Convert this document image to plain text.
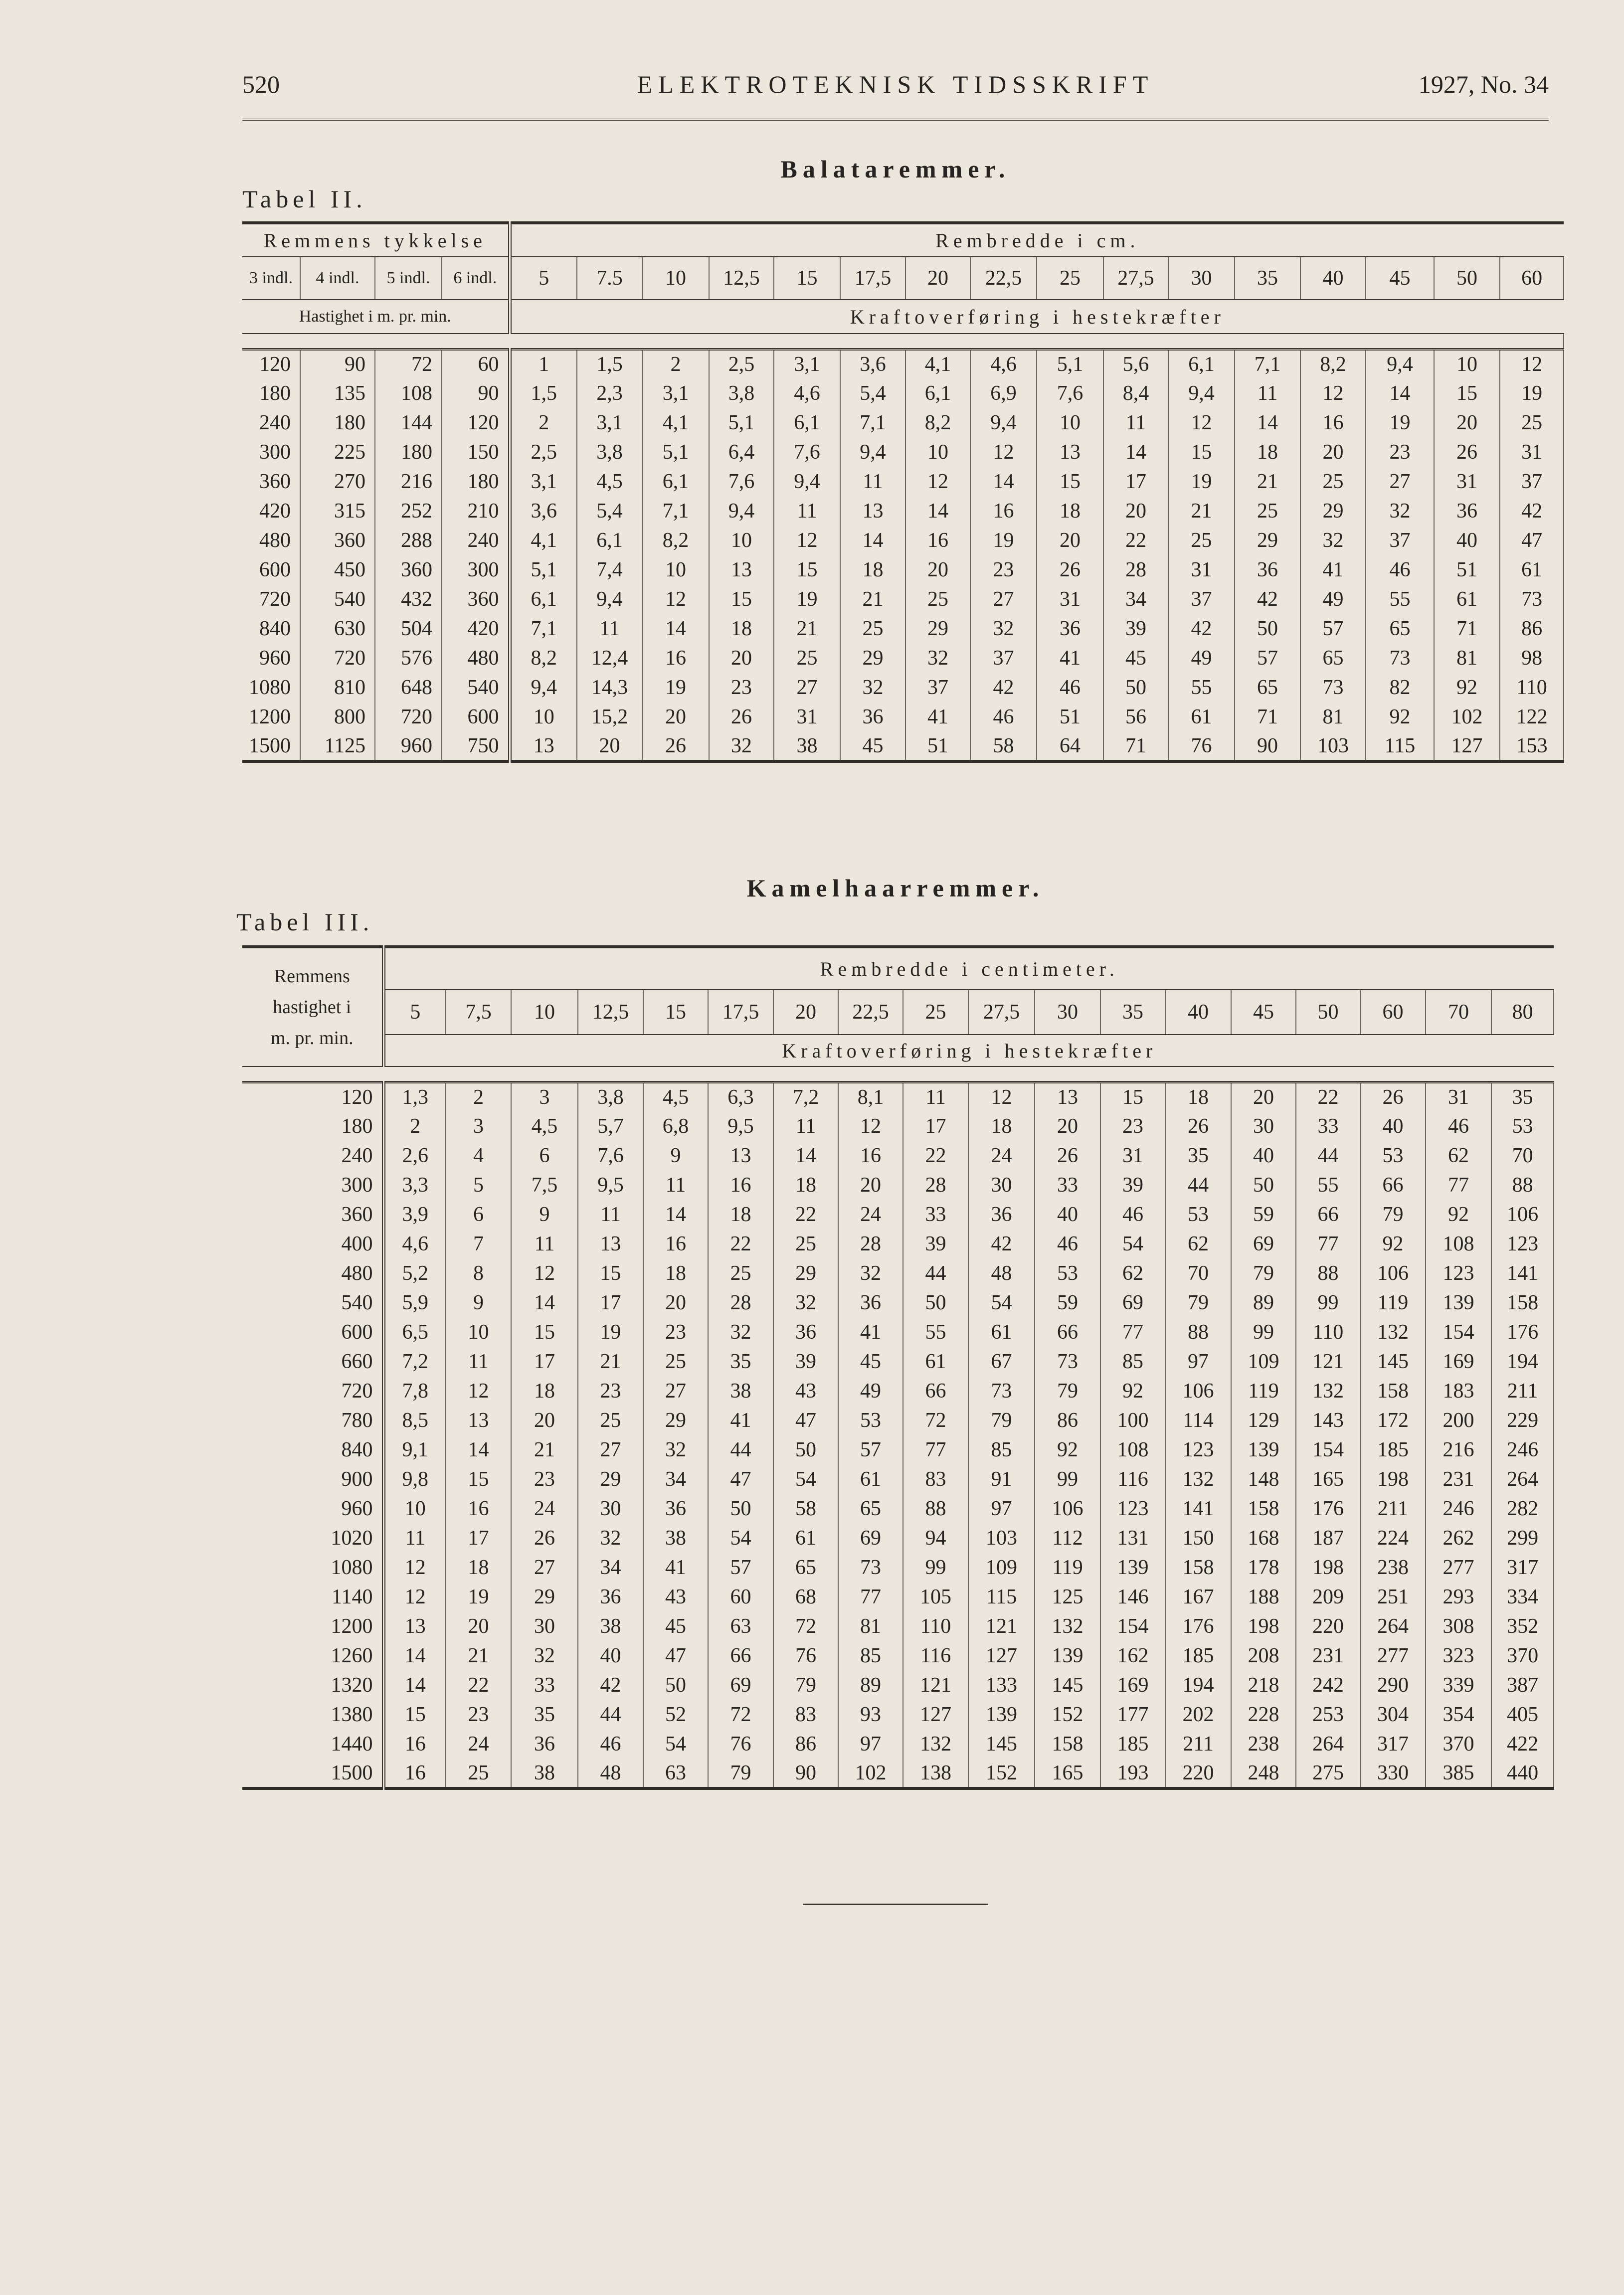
520	ELEKTROTEKNISK TIDSSKRIFT	1927, No. 34
Balataremmer.
Tabel II.
Remmens tykkelse				Rembredde i cm.															
3 indl.	4 indl.	5 indl.	6 indl.	5	7.5	10	12,5	15	17,5	20	22,5	25	27,5	30	35	40	45	50	60
Hastighet i m. pr. min.				Kraftoverføring i hestekræfter															

120	90	72	60	1	1,5	2	2,5	3,1	3,6	4,1	4,6	5,1	5,6	6,1	7,1	8,2	9,4	10	12
180	135	108	90	1,5	2,3	3,1	3,8	4,6	5,4	6,1	6,9	7,6	8,4	9,4	11	12	14	15	19
240	180	144	120	2	3,1	4,1	5,1	6,1	7,1	8,2	9,4	10	11	12	14	16	19	20	25
300	225	180	150	2,5	3,8	5,1	6,4	7,6	9,4	10	12	13	14	15	18	20	23	26	31
360	270	216	180	3,1	4,5	6,1	7,6	9,4	11	12	14	15	17	19	21	25	27	31	37
420	315	252	210	3,6	5,4	7,1	9,4	11	13	14	16	18	20	21	25	29	32	36	42
480	360	288	240	4,1	6,1	8,2	10	12	14	16	19	20	22	25	29	32	37	40	47
600	450	360	300	5,1	7,4	10	13	15	18	20	23	26	28	31	36	41	46	51	61
720	540	432	360	6,1	9,4	12	15	19	21	25	27	31	34	37	42	49	55	61	73
840	630	504	420	7,1	11	14	18	21	25	29	32	36	39	42	50	57	65	71	86
960	720	576	480	8,2	12,4	16	20	25	29	32	37	41	45	49	57	65	73	81	98
1080	810	648	540	9,4	14,3	19	23	27	32	37	42	46	50	55	65	73	82	92	110
1200	800	720	600	10	15,2	20	26	31	36	41	46	51	56	61	71	81	92	102	122
1500	1125	960	750	13	20	26	32	38	45	51	58	64	71	76	90	103	115	127	153
Kamelhaarremmer.
Tabel III.
Remmens
hastighet i
m. pr. min.	Rembredde i centimeter.																	
	5	7,5	10	12,5	15	17,5	20	22,5	25	27,5	30	35	40	45	50	60	70	80
	Kraftoverføring i hestekræfter																	

120	1,3	2	3	3,8	4,5	6,3	7,2	8,1	11	12	13	15	18	20	22	26	31	35
180	2	3	4,5	5,7	6,8	9,5	11	12	17	18	20	23	26	30	33	40	46	53
240	2,6	4	6	7,6	9	13	14	16	22	24	26	31	35	40	44	53	62	70
300	3,3	5	7,5	9,5	11	16	18	20	28	30	33	39	44	50	55	66	77	88
360	3,9	6	9	11	14	18	22	24	33	36	40	46	53	59	66	79	92	106
400	4,6	7	11	13	16	22	25	28	39	42	46	54	62	69	77	92	108	123
480	5,2	8	12	15	18	25	29	32	44	48	53	62	70	79	88	106	123	141
540	5,9	9	14	17	20	28	32	36	50	54	59	69	79	89	99	119	139	158
600	6,5	10	15	19	23	32	36	41	55	61	66	77	88	99	110	132	154	176
660	7,2	11	17	21	25	35	39	45	61	67	73	85	97	109	121	145	169	194
720	7,8	12	18	23	27	38	43	49	66	73	79	92	106	119	132	158	183	211
780	8,5	13	20	25	29	41	47	53	72	79	86	100	114	129	143	172	200	229
840	9,1	14	21	27	32	44	50	57	77	85	92	108	123	139	154	185	216	246
900	9,8	15	23	29	34	47	54	61	83	91	99	116	132	148	165	198	231	264
960	10	16	24	30	36	50	58	65	88	97	106	123	141	158	176	211	246	282
1020	11	17	26	32	38	54	61	69	94	103	112	131	150	168	187	224	262	299
1080	12	18	27	34	41	57	65	73	99	109	119	139	158	178	198	238	277	317
1140	12	19	29	36	43	60	68	77	105	115	125	146	167	188	209	251	293	334
1200	13	20	30	38	45	63	72	81	110	121	132	154	176	198	220	264	308	352
1260	14	21	32	40	47	66	76	85	116	127	139	162	185	208	231	277	323	370
1320	14	22	33	42	50	69	79	89	121	133	145	169	194	218	242	290	339	387
1380	15	23	35	44	52	72	83	93	127	139	152	177	202	228	253	304	354	405
1440	16	24	36	46	54	76	86	97	132	145	158	185	211	238	264	317	370	422
1500	16	25	38	48	63	79	90	102	138	152	165	193	220	248	275	330	385	440
